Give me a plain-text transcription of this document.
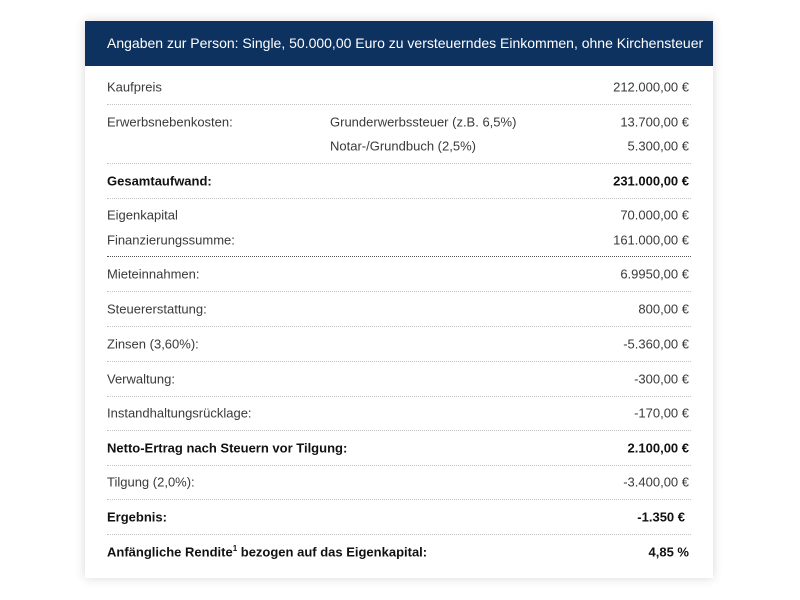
Angaben zur Person: Single, 50.000,00 Euro zu versteuerndes Einkommen, ohne Kirchensteuer
Kaufpreis	212.000,00 €
Erwerbsnebenkosten:	Grunderwerbssteuer (z.B. 6,5%)	13.700,00 €
Notar-/Grundbuch (2,5%)	5.300,00 €
Gesamtaufwand:	231.000,00 €
Eigenkapital	70.000,00 €
Finanzierungssumme:	161.000,00 €
Mieteinnahmen:	6.9950,00 €
Steuererstattung:	800,00 €
Zinsen (3,60%):	-5.360,00 €
Verwaltung:	-300,00 €
Instandhaltungsrücklage:	-170,00 €
Netto-Ertrag nach Steuern vor Tilgung:	2.100,00 €
Tilgung (2,0%):	-3.400,00 €
Ergebnis:	-1.350 €
Anfängliche Rendite$^1$ bezogen auf das Eigenkapital:	4,85 %
